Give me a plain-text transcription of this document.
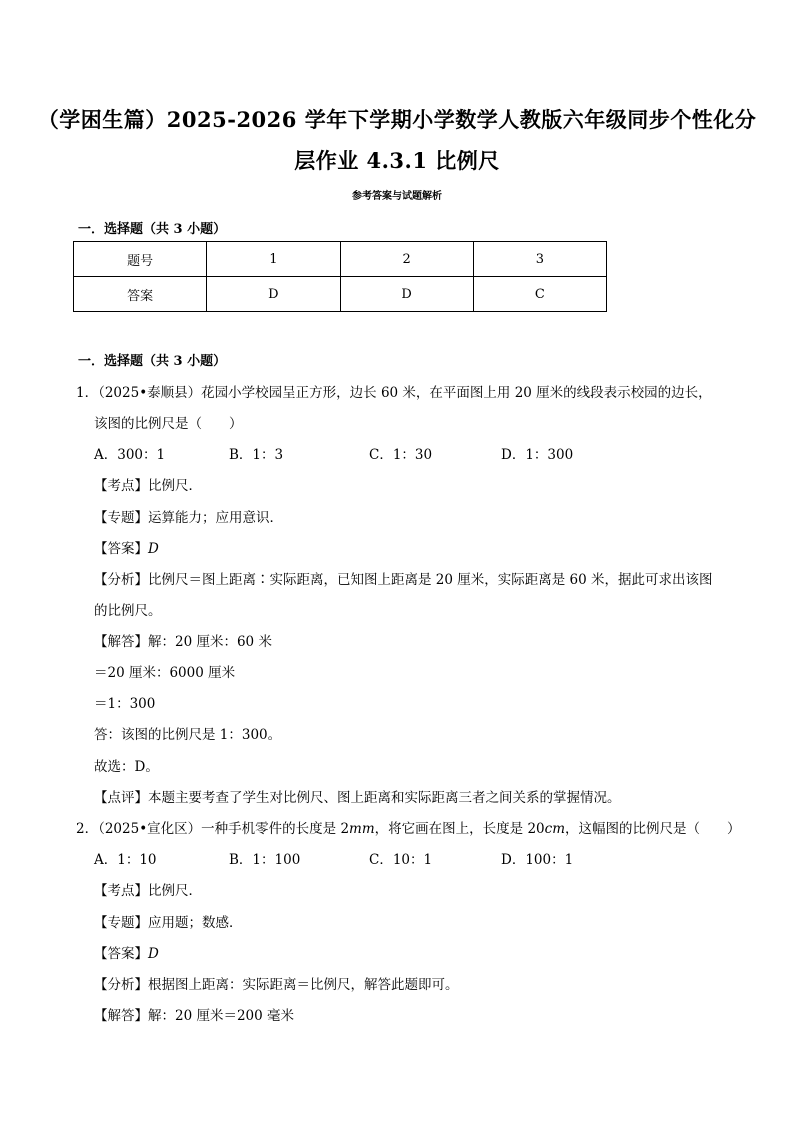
（学困生篇）2025-2026 学年下学期小学数学人教版六年级同步个性化分
层作业 4.3.1 比例尺
参考答案与试题解析
一．选择题（共 3 小题）
题号	1	2	3
答案	D	D	C
一．选择题（共 3 小题）
1．（2025•泰顺县）花园小学校园呈正方形，边长 60 米，在平面图上用 20 厘米的线段表示校园的边长，
该图的比例尺是（　　）
A．300：1	B．1：3	C．1：30	D．1：300
【考点】比例尺．
【专题】运算能力；应用意识．
【答案】D
【分析】比例尺＝图上距离∶实际距离，已知图上距离是 20 厘米，实际距离是 60 米，据此可求出该图
的比例尺。
【解答】解：20 厘米：60 米
＝20 厘米：6000 厘米
＝1：300
答：该图的比例尺是 1：300。
故选：D。
【点评】本题主要考查了学生对比例尺、图上距离和实际距离三者之间关系的掌握情况。
2．（2025•宣化区）一种手机零件的长度是 2mm，将它画在图上，长度是 20cm，这幅图的比例尺是（　　）
A．1：10	B．1：100	C．10：1	D．100：1
【考点】比例尺．
【专题】应用题；数感．
【答案】D
【分析】根据图上距离：实际距离＝比例尺，解答此题即可。
【解答】解：20 厘米＝200 毫米
